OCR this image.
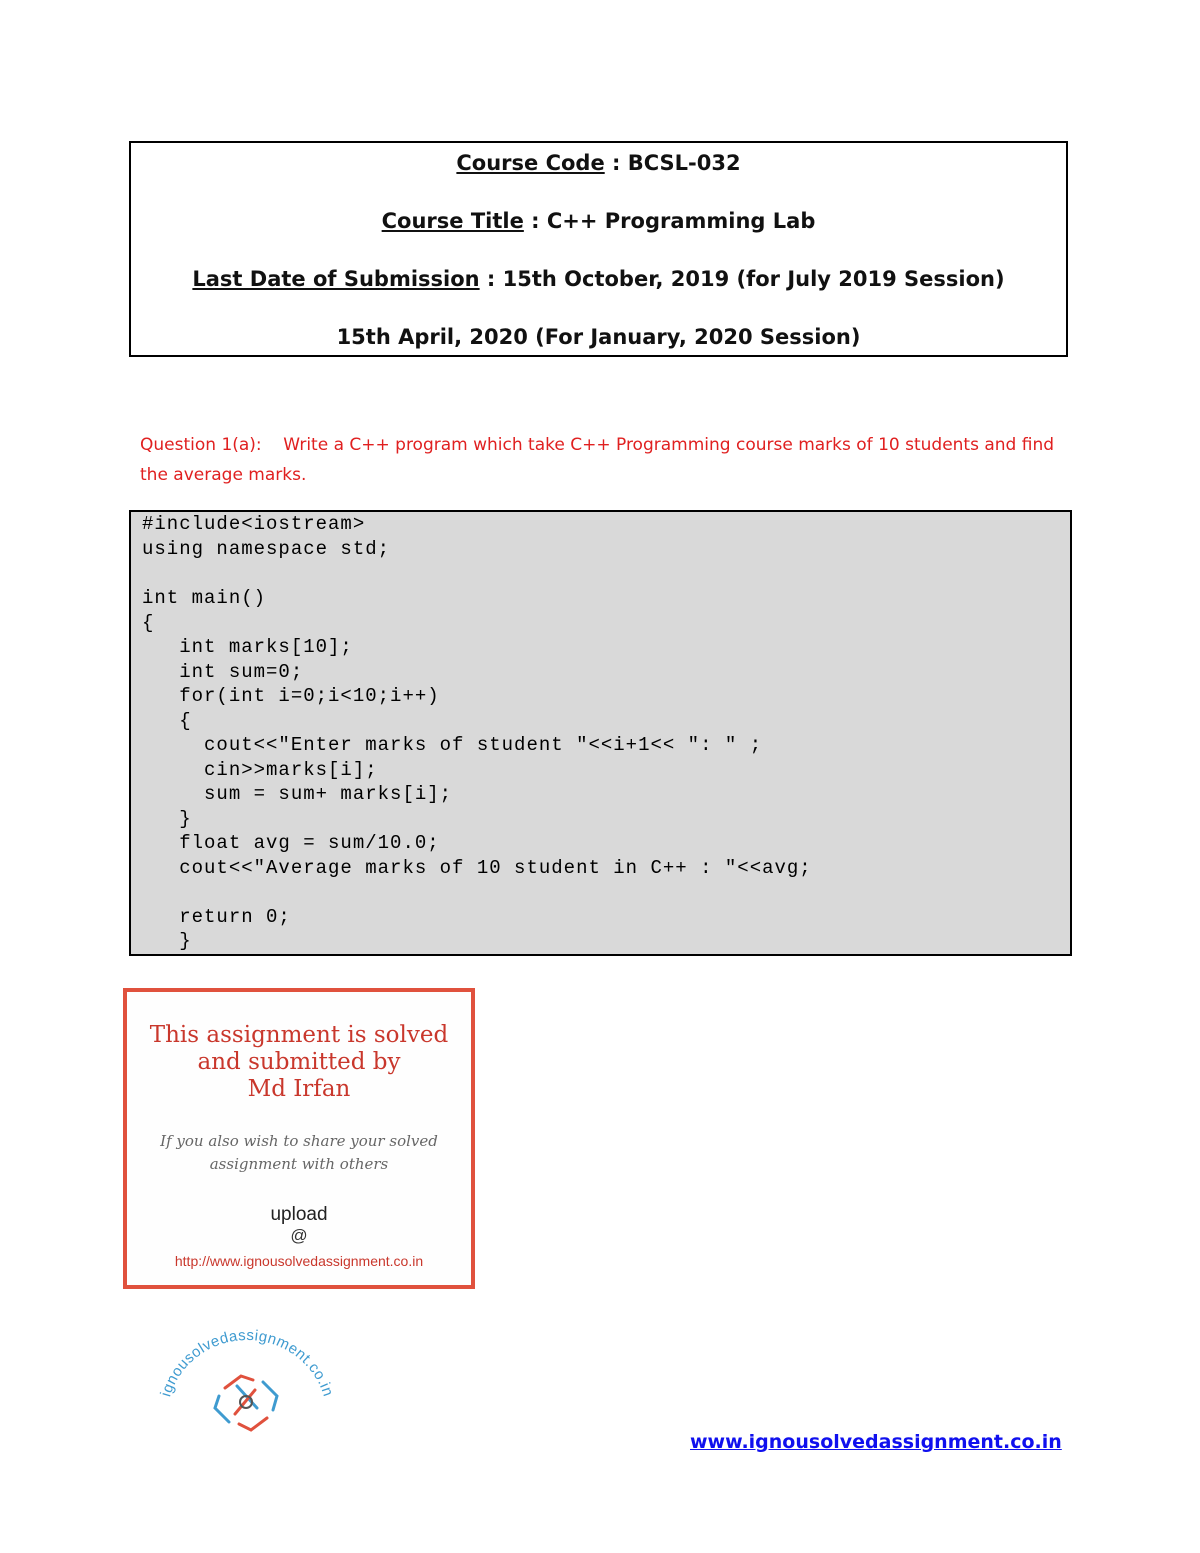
Course Code : BCSL-032
Course Title : C++ Programming Lab
Last Date of Submission : 15th October, 2019 (for July 2019 Session)
15th April, 2020 (For January, 2020 Session)
Question 1(a):    Write a C++ program which take C++ Programming course marks of 10 students and find
the average marks.
#include<iostream>
using namespace std;
int main()
{
int marks[10];
int sum=0;
for(int i=0;i<10;i++)
{
cout<<"Enter marks of student "<<i+1<< ": " ;
cin>>marks[i];
sum = sum+ marks[i];
}
float avg = sum/10.0;
cout<<"Average marks of 10 student in C++ : "<<avg;
return 0;
}
This assignment is solved
and submitted by
Md Irfan
If you also wish to share your solved
assignment with others
upload
@
http://www.ignousolvedassignment.co.in
ignousolvedassignment.co.in
www.ignousolvedassignment.co.in
